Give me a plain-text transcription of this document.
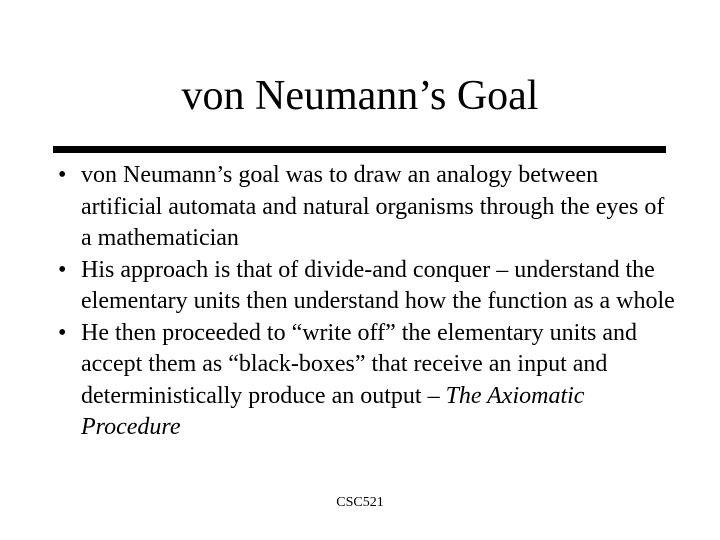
von Neumann’s Goal
• von Neumann’s goal was to draw an analogy between artificial automata and natural organisms through the eyes of a mathematician
• His approach is that of divide-and conquer – understand the elementary units then understand how the function as a whole
• He then proceeded to “write off” the elementary units and accept them as “black-boxes” that receive an input and deterministically produce an output – The Axiomatic Procedure
CSC521
